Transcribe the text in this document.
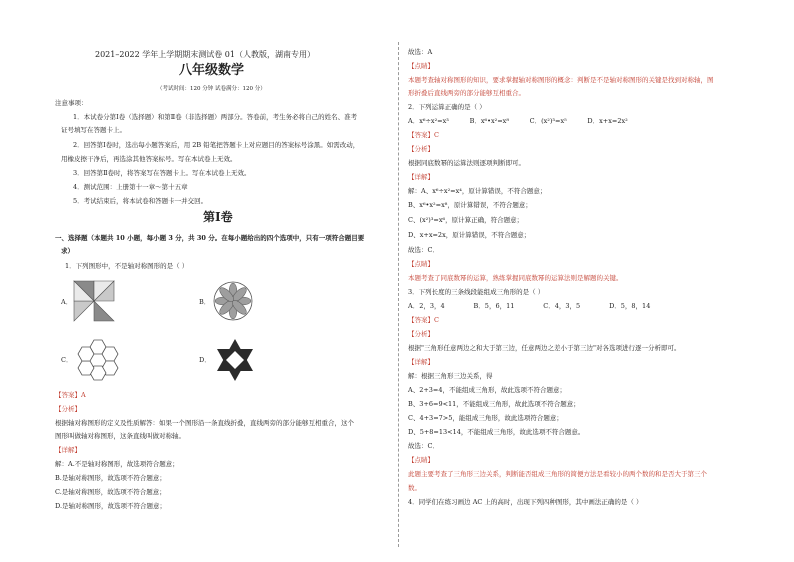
2021–2022 学年上学期期末测试卷 01（人教版，湖南专用）
八年级数学
（考试时间：120 分钟 试卷满分：120 分）
注意事项：
1．本试卷分第Ⅰ卷（选择题）和第Ⅱ卷（非选择题）两部分。答卷前，考生务必将自己的姓名、准考
证号填写在答题卡上。
2．回答第Ⅰ卷时，选出每小题答案后，用 2B 铅笔把答题卡上对应题目的答案标号涂黑。如需改动，
用橡皮擦干净后，再选涂其他答案标号。写在本试卷上无效。
3．回答第Ⅱ卷时，将答案写在答题卡上。写在本试卷上无效。
4．测试范围：上册第十一章～第十五章
5．考试结束后，将本试卷和答题卡一并交回。
第Ⅰ卷
一、选择题（本题共 10 小题，每小题 3 分，共 30 分。在每小题给出的四个选项中，只有一项符合题目要
求）
1．下列图形中，不是轴对称图形的是（ ）
A．	B．
C．	D．
【答案】A
【分析】
根据轴对称图形的定义及性质解答：如果一个图形沿一条直线折叠，直线两旁的部分能够互相重合，这个
图形叫做轴对称图形，这条直线叫做对称轴。
【详解】
解：A.不是轴对称图形，故选项符合题意；
B.是轴对称图形，故选项不符合题意；
C.是轴对称图形，故选项不符合题意；
D.是轴对称图形，故选项不符合题意；
故选：A
【点睛】
本题考查轴对称图形的知识，要求掌握轴对称图形的概念：判断是不是轴对称图形的关键是找到对称轴，图
形折叠后直线两旁的部分能够互相重合。
2．下列运算正确的是（ ）
A．x⁶÷x²=x³          B．x⁶•x²=x⁸          C．(x²)³=x⁵          D．x+x=2x²
【答案】C
【分析】
根据同底数幂的运算法则逐项判断即可。
【详解】
解：A、x⁶÷x²=x⁴，原计算错误，不符合题意；
B、x⁶•x²=x⁸，原计算错误，不符合题意；
C、(x²)³=x⁶，原计算正确，符合题意；
D、x+x=2x，原计算错误，不符合题意；
故选：C．
【点睛】
本题考查了同底数幂的运算，熟练掌握同底数幂的运算法则是解题的关键。
3．下列长度的三条线段能组成三角形的是（ ）
A．2，3，4              B．5，6，11              C．4，3，5              D．5，8，14
【答案】C
【分析】
根据"三角形任意两边之和大于第三边，任意两边之差小于第三边"对各选项进行逐一分析即可。
【详解】
解：根据三角形三边关系，得
A、2+3=4，不能组成三角形，故此选项不符合题意；
B、3+6=9<11，不能组成三角形，故此选项不符合题意；
C、4+3=7>5，能组成三角形，故此选项符合题意；
D、5+8=13<14，不能组成三角形，故此选项不符合题意。
故选：C．
【点睛】
此题主要考查了三角形三边关系，判断能否组成三角形的简便方法是看较小的两个数的和是否大于第三个
数。
4．同学们在练习画边 AC 上的高时，出现下列四种图形，其中画法正确的是（ ）
